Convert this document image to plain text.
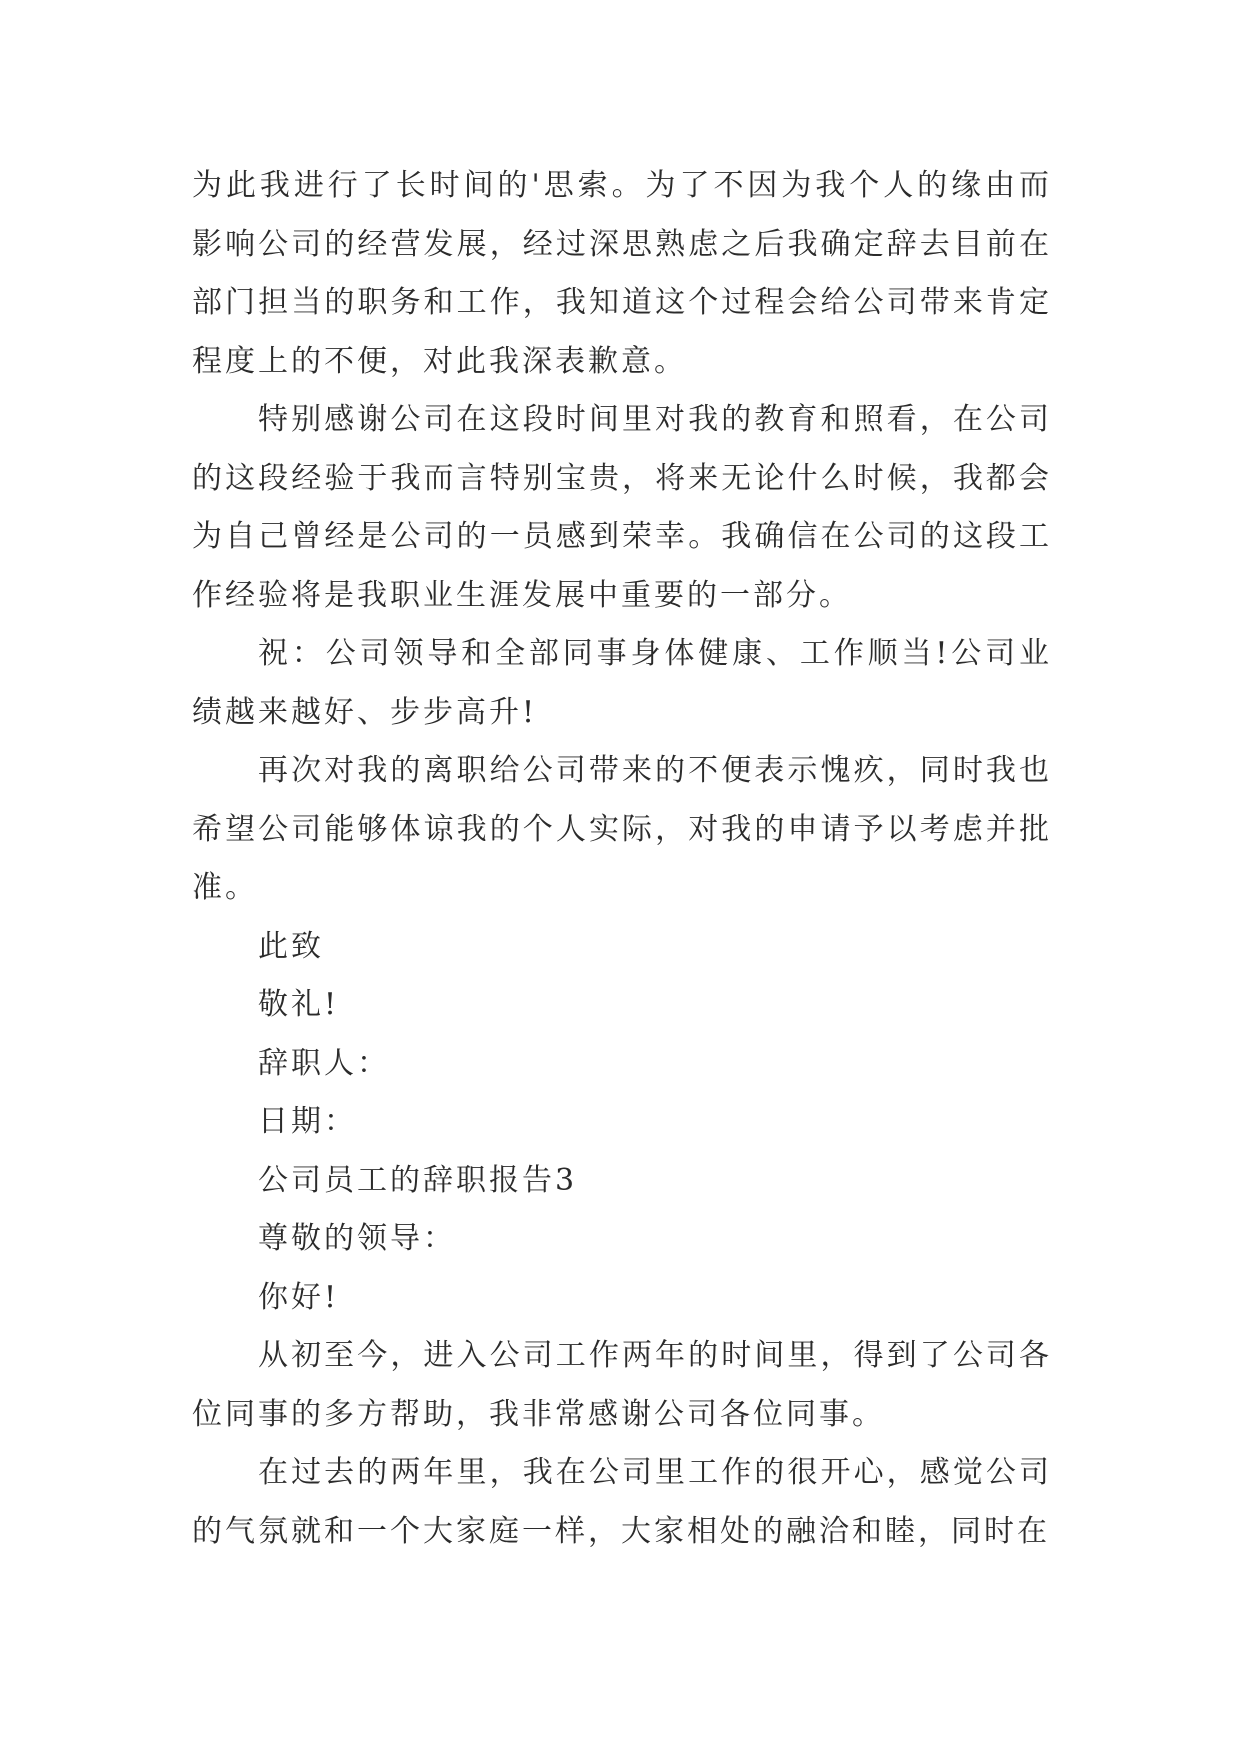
为此我进行了长时间的'思索。为了不因为我个人的缘由而影响公司的经营发展，经过深思熟虑之后我确定辞去目前在部门担当的职务和工作，我知道这个过程会给公司带来肯定程度上的不便，对此我深表歉意。

特别感谢公司在这段时间里对我的教育和照看，在公司的这段经验于我而言特别宝贵，将来无论什么时候，我都会为自己曾经是公司的一员感到荣幸。我确信在公司的这段工作经验将是我职业生涯发展中重要的一部分。

祝：公司领导和全部同事身体健康、工作顺当!公司业绩越来越好、步步高升!

再次对我的离职给公司带来的不便表示愧疚，同时我也希望公司能够体谅我的个人实际，对我的申请予以考虑并批准。

此致

敬礼!

辞职人：

日期：

公司员工的辞职报告3

尊敬的领导：

你好!

从初至今，进入公司工作两年的时间里，得到了公司各位同事的多方帮助，我非常感谢公司各位同事。

在过去的两年里，我在公司里工作的很开心，感觉公司的气氛就和一个大家庭一样，大家相处的融洽和睦，同时在
